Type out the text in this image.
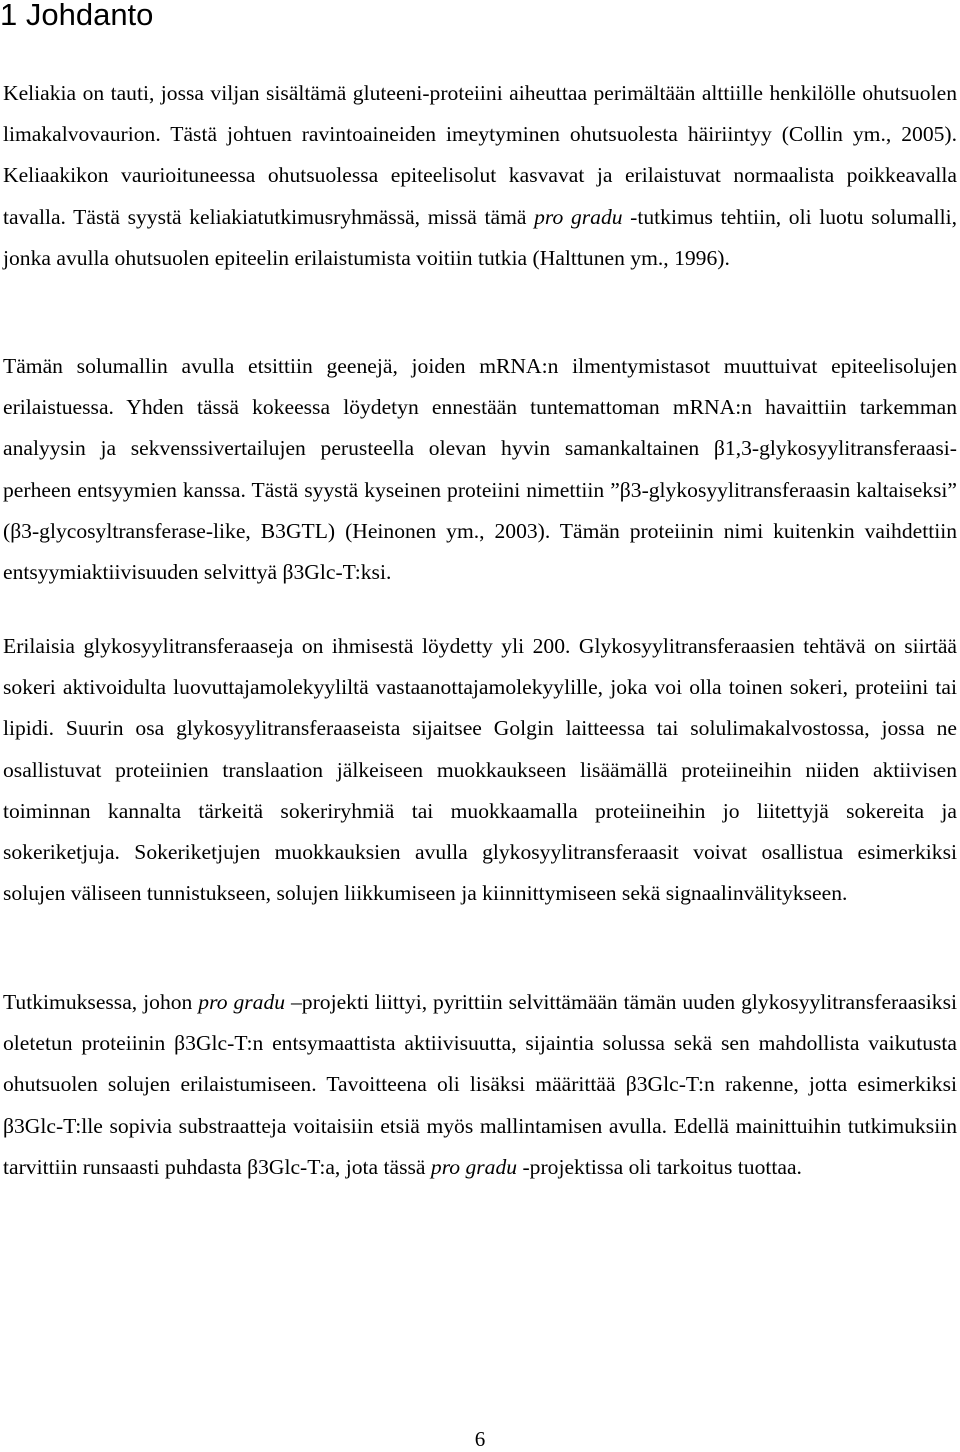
1 Johdanto

Keliakia on tauti, jossa viljan sisältämä gluteeni-proteiini aiheuttaa perimältään alttiille henkilölle ohutsuolen limakalvovaurion. Tästä johtuen ravintoaineiden imeytyminen ohutsuolesta häiriintyy (Collin ym., 2005). Keliaakikon vaurioituneessa ohutsuolessa epiteelisolut kasvavat ja erilaistuvat normaalista poikkeavalla tavalla. Tästä syystä keliakiatutkimusryhmässä, missä tämä pro gradu -tutkimus tehtiin, oli luotu solumalli, jonka avulla ohutsuolen epiteelin erilaistumista voitiin tutkia (Halttunen ym., 1996).

Tämän solumallin avulla etsittiin geenejä, joiden mRNA:n ilmentymistasot muuttuivat epiteelisolujen erilaistuessa. Yhden tässä kokeessa löydetyn ennestään tuntemattoman mRNA:n havaittiin tarkemman analyysin ja sekvenssivertailujen perusteella olevan hyvin samankaltainen β1,3-glykosyylitransferaasi-perheen entsyymien kanssa. Tästä syystä kyseinen proteiini nimettiin ”β3-glykosyylitransferaasin kaltaiseksi” (β3-glycosyltransferase-like, B3GTL) (Heinonen ym., 2003). Tämän proteiinin nimi kuitenkin vaihdettiin entsyymiaktiivisuuden selvittyä β3Glc-T:ksi.

Erilaisia glykosyylitransferaaseja on ihmisestä löydetty yli 200. Glykosyylitransferaasien tehtävä on siirtää sokeri aktivoidulta luovuttajamolekyyliltä vastaanottajamolekyylille, joka voi olla toinen sokeri, proteiini tai lipidi. Suurin osa glykosyylitransferaaseista sijaitsee Golgin laitteessa tai solulimakalvostossa, jossa ne osallistuvat proteiinien translaation jälkeiseen muokkaukseen lisäämällä proteiineihin niiden aktiivisen toiminnan kannalta tärkeitä sokeriryhmiä tai muokkaamalla proteiineihin jo liitettyjä sokereita ja sokeriketjuja. Sokeriketjujen muokkauksien avulla glykosyylitransferaasit voivat osallistua esimerkiksi solujen väliseen tunnistukseen, solujen liikkumiseen ja kiinnittymiseen sekä signaalinvälitykseen.

Tutkimuksessa, johon pro gradu –projekti liittyi, pyrittiin selvittämään tämän uuden glykosyylitransferaasiksi oletetun proteiinin β3Glc-T:n entsymaattista aktiivisuutta, sijaintia solussa sekä sen mahdollista vaikutusta ohutsuolen solujen erilaistumiseen. Tavoitteena oli lisäksi määrittää β3Glc-T:n rakenne, jotta esimerkiksi β3Glc-T:lle sopivia substraatteja voitaisiin etsiä myös mallintamisen avulla. Edellä mainittuihin tutkimuksiin tarvittiin runsaasti puhdasta β3Glc-T:a, jota tässä pro gradu -projektissa oli tarkoitus tuottaa.

6
